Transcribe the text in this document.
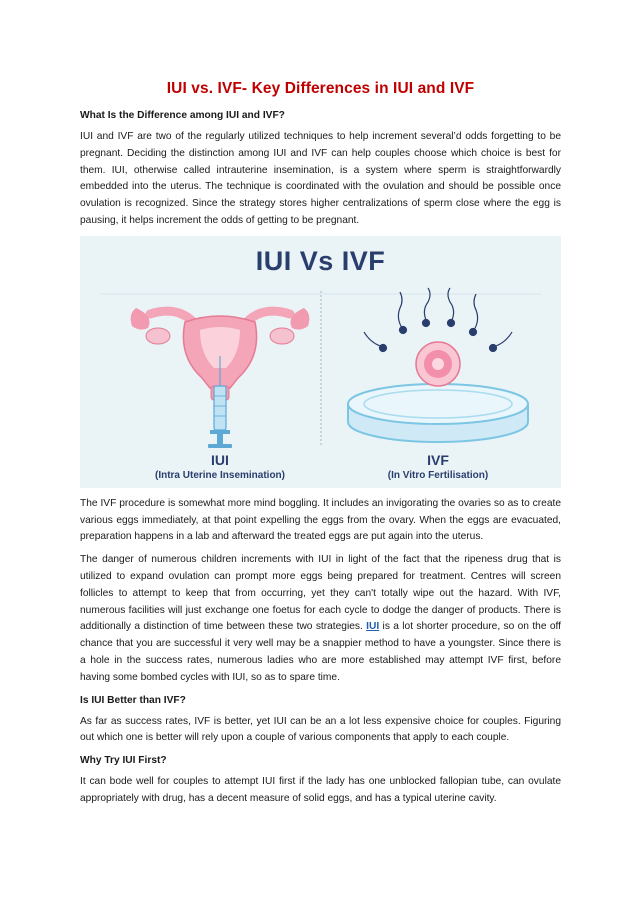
IUI vs. IVF- Key Differences in IUI and IVF
What Is the Difference among IUI and IVF?

IUI and IVF are two of the regularly utilized techniques to help increment several’d odds forgetting to be pregnant. Deciding the distinction among IUI and IVF can help couples choose which choice is best for them. IUI, otherwise called intrauterine insemination, is a system where sperm is straightforwardly embedded into the uterus. The technique is coordinated with the ovulation and should be possible once ovulation is recognized. Since the strategy stores higher centralizations of sperm close where the egg is pausing, it helps increment the odds of getting to be pregnant.

IUI Vs IVF
IUI
(Intra Uterine Insemination)
IVF
(In Vitro Fertilisation)

The IVF procedure is somewhat more mind boggling. It includes an invigorating the ovaries so as to create various eggs immediately, at that point expelling the eggs from the ovary. When the eggs are evacuated, preparation happens in a lab and afterward the treated eggs are put again into the uterus.

The danger of numerous children increments with IUI in light of the fact that the ripeness drug that is utilized to expand ovulation can prompt more eggs being prepared for treatment. Centres will screen follicles to attempt to keep that from occurring, yet they can't totally wipe out the hazard. With IVF, numerous facilities will just exchange one foetus for each cycle to dodge the danger of products. There is additionally a distinction of time between these two strategies. IUI is a lot shorter procedure, so on the off chance that you are successful it very well may be a snappier method to have a youngster. Since there is a hole in the success rates, numerous ladies who are more established may attempt IVF first, before having some bombed cycles with IUI, so as to spare time.

Is IUI Better than IVF?

As far as success rates, IVF is better, yet IUI can be an a lot less expensive choice for couples. Figuring out which one is better will rely upon a couple of various components that apply to each couple.

Why Try IUI First?

It can bode well for couples to attempt IUI first if the lady has one unblocked fallopian tube, can ovulate appropriately with drug, has a decent measure of solid eggs, and has a typical uterine cavity.
